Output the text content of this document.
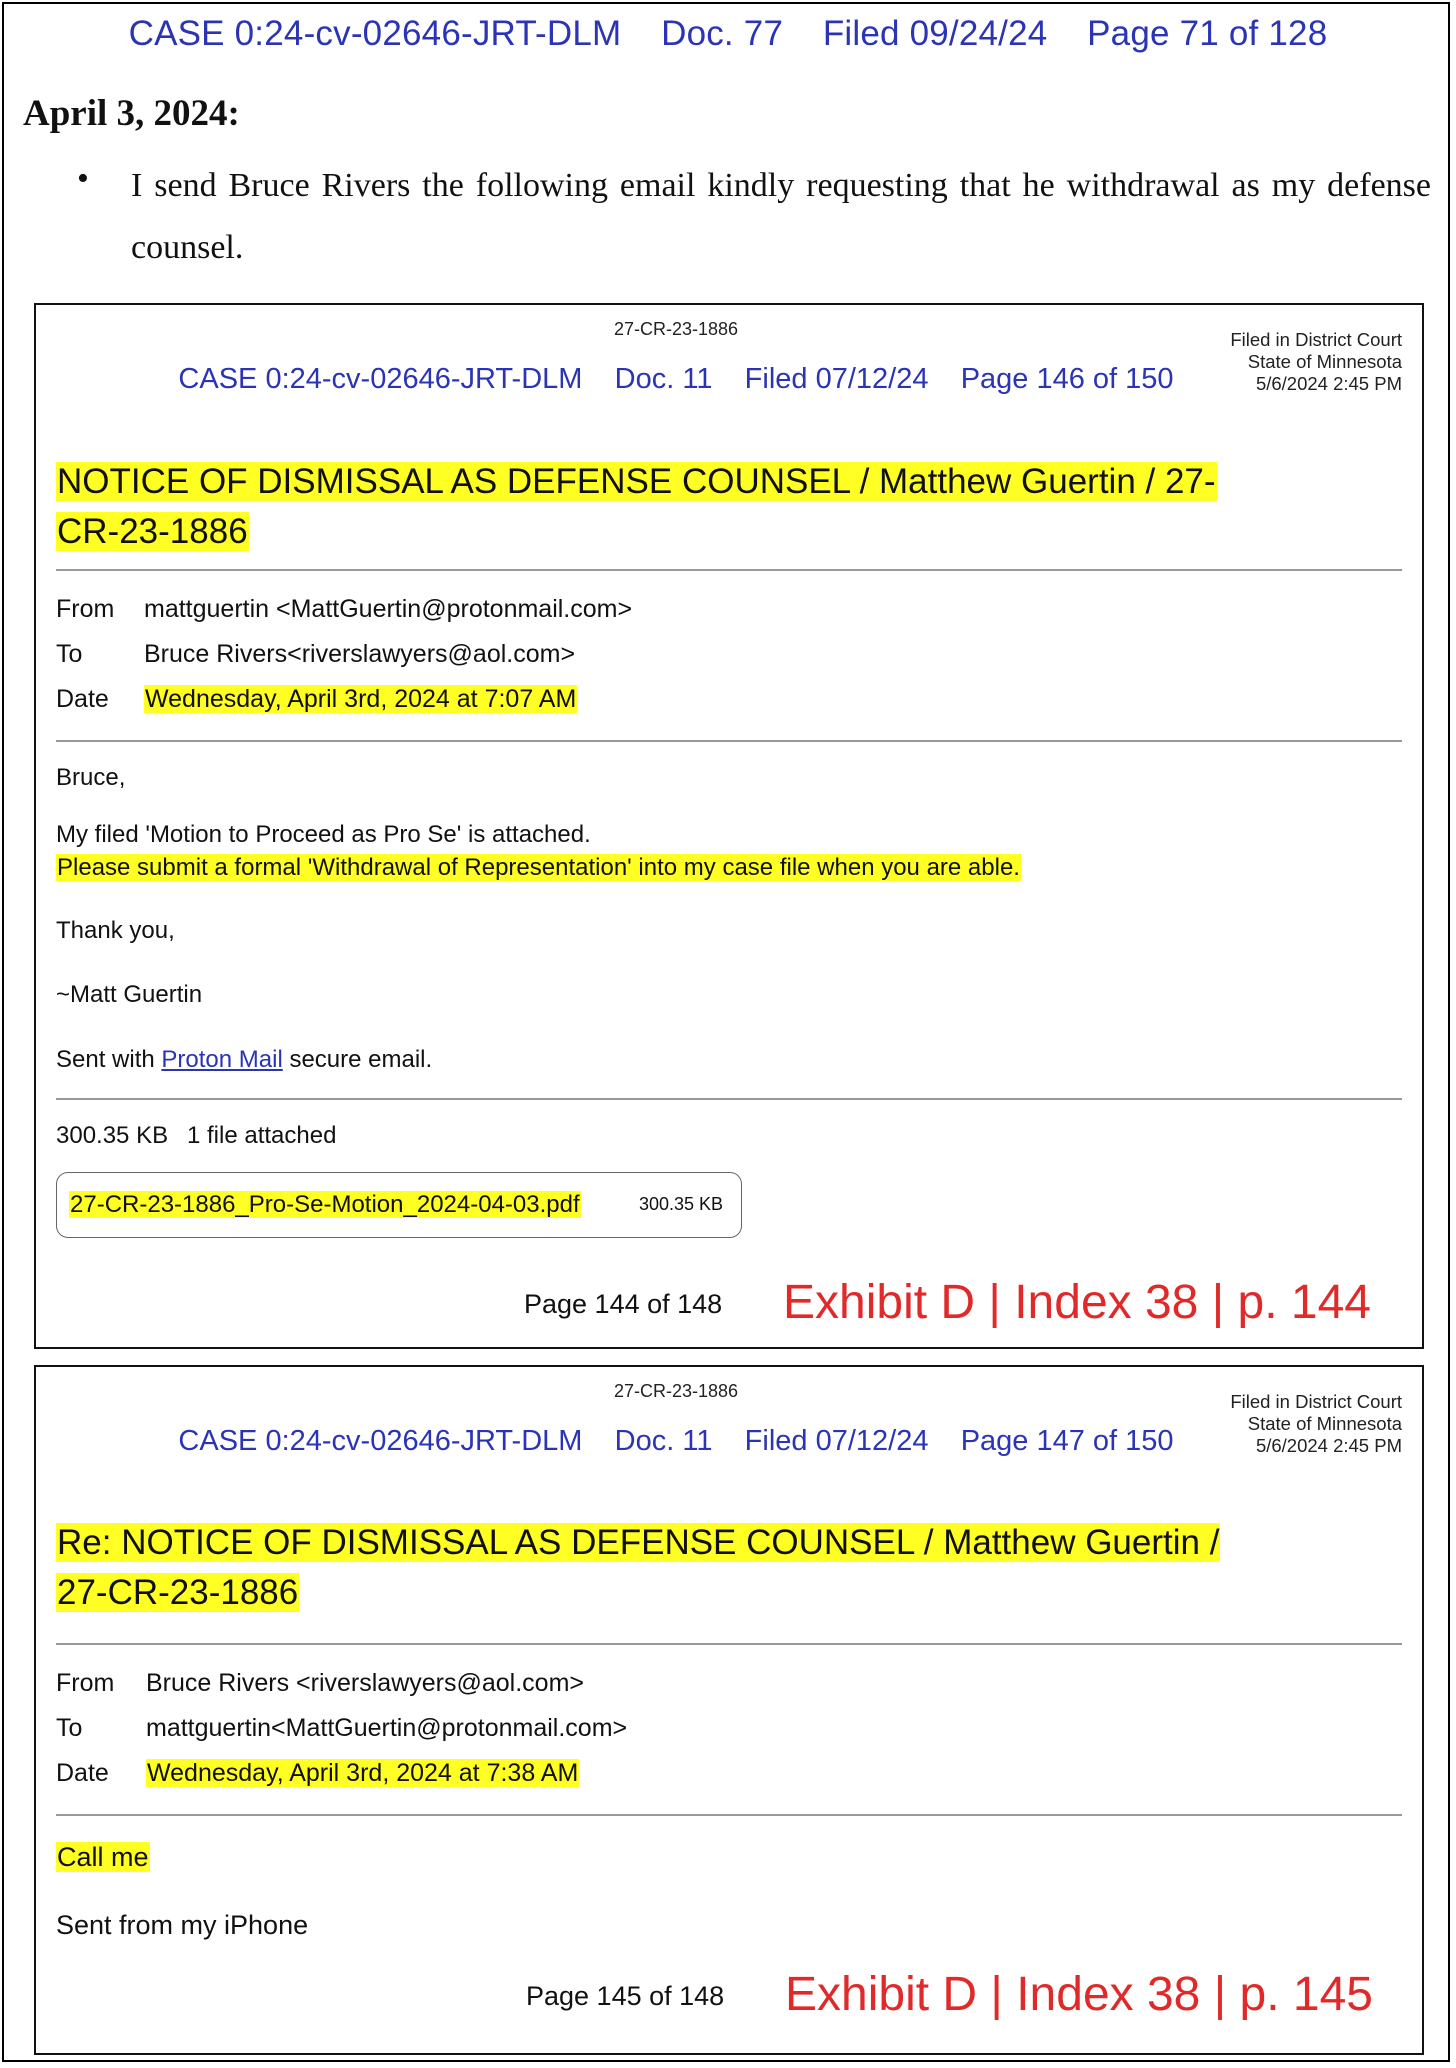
CASE 0:24-cv-02646-JRT-DLM    Doc. 77    Filed 09/24/24    Page 71 of 128
April 3, 2024:
• I send Bruce Rivers the following email kindly requesting that he withdrawal as my defense counsel.
27-CR-23-1886	Filed in District Court
State of Minnesota
5/6/2024 2:45 PM
CASE 0:24-cv-02646-JRT-DLM    Doc. 11    Filed 07/12/24    Page 146 of 150
NOTICE OF DISMISSAL AS DEFENSE COUNSEL / Matthew Guertin / 27-
CR-23-1886
From mattguertin <MattGuertin@protonmail.com>
To Bruce Rivers<riverslawyers@aol.com>
Date Wednesday, April 3rd, 2024 at 7:07 AM
Bruce,
My filed 'Motion to Proceed as Pro Se' is attached.
Please submit a formal 'Withdrawal of Representation' into my case file when you are able.
Thank you,
~Matt Guertin
Sent with Proton Mail secure email.
300.35 KB 1 file attached
27-CR-23-1886_Pro-Se-Motion_2024-04-03.pdf	300.35 KB
Page 144 of 148 Exhibit D | Index 38 | p. 144
27-CR-23-1886	Filed in District Court
State of Minnesota
5/6/2024 2:45 PM
CASE 0:24-cv-02646-JRT-DLM    Doc. 11    Filed 07/12/24    Page 147 of 150
Re: NOTICE OF DISMISSAL AS DEFENSE COUNSEL / Matthew Guertin /
27-CR-23-1886
From Bruce Rivers <riverslawyers@aol.com>
To	mattguertin<MattGuertin@protonmail.com>
Date Wednesday, April 3rd, 2024 at 7:38 AM
Call me
Sent from my iPhone
Page 145 of 148 Exhibit D | Index 38 | p. 145
